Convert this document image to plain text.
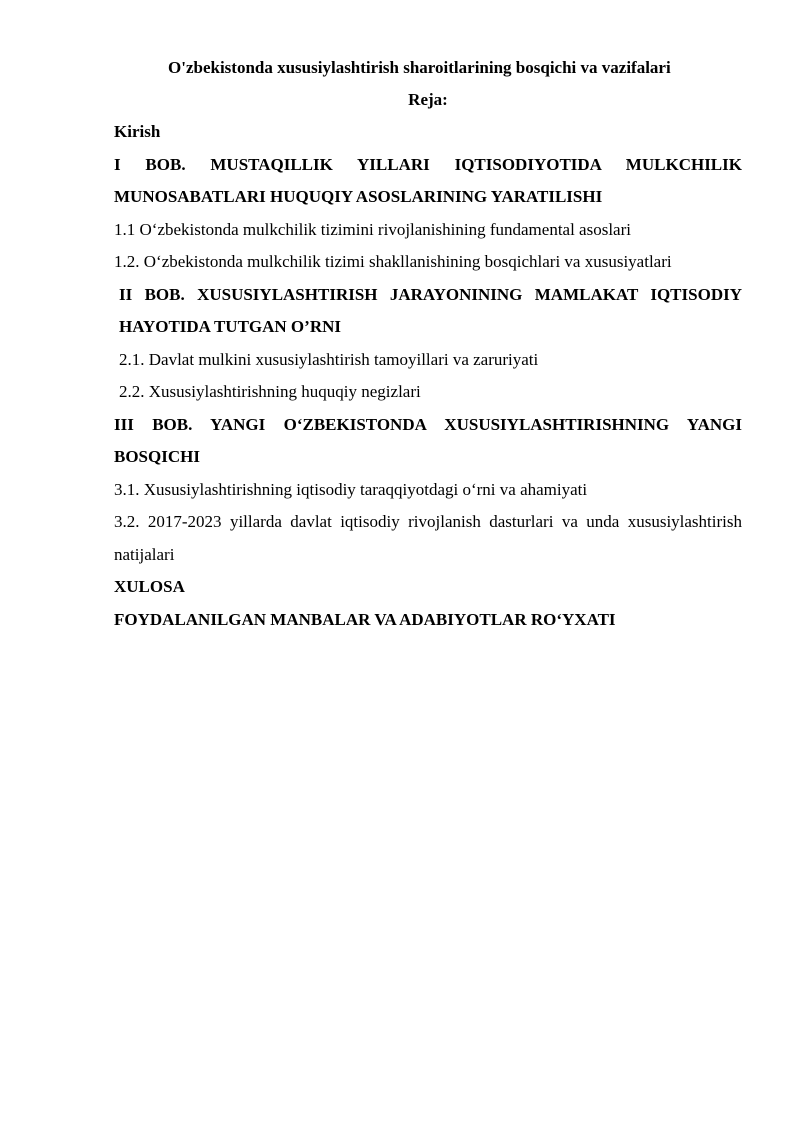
O'zbekistonda xususiylashtirish sharoitlarining bosqichi va vazifalari
Reja:
Kirish
I BOB. MUSTAQILLIK YILLARI IQTISODIYOTIDA MULKCHILIK MUNOSABATLARI HUQUQIY ASOSLARINING YARATILISHI
1.1 O‘zbekistonda mulkchilik tizimini rivojlanishining fundamental asoslari
1.2. O‘zbekistonda mulkchilik tizimi shakllanishining bosqichlari va xususiyatlari
II BOB. XUSUSIYLASHTIRISH JARAYONINING MAMLAKAT IQTISODIY HAYOTIDA TUTGAN O’RNI
2.1. Davlat mulkini xususiylashtirish tamoyillari va zaruriyati
2.2. Xususiylashtirishning huquqiy negizlari
III BOB. YANGI O‘ZBEKISTONDA XUSUSIYLASHTIRISHNING YANGI BOSQICHI
3.1. Xususiylashtirishning iqtisodiy taraqqiyotdagi o‘rni va ahamiyati
3.2. 2017-2023 yillarda davlat iqtisodiy rivojlanish dasturlari va unda xususiylashtirish natijalari
XULOSA
FOYDALANILGAN MANBALAR VA ADABIYOTLAR RO‘YXATI
